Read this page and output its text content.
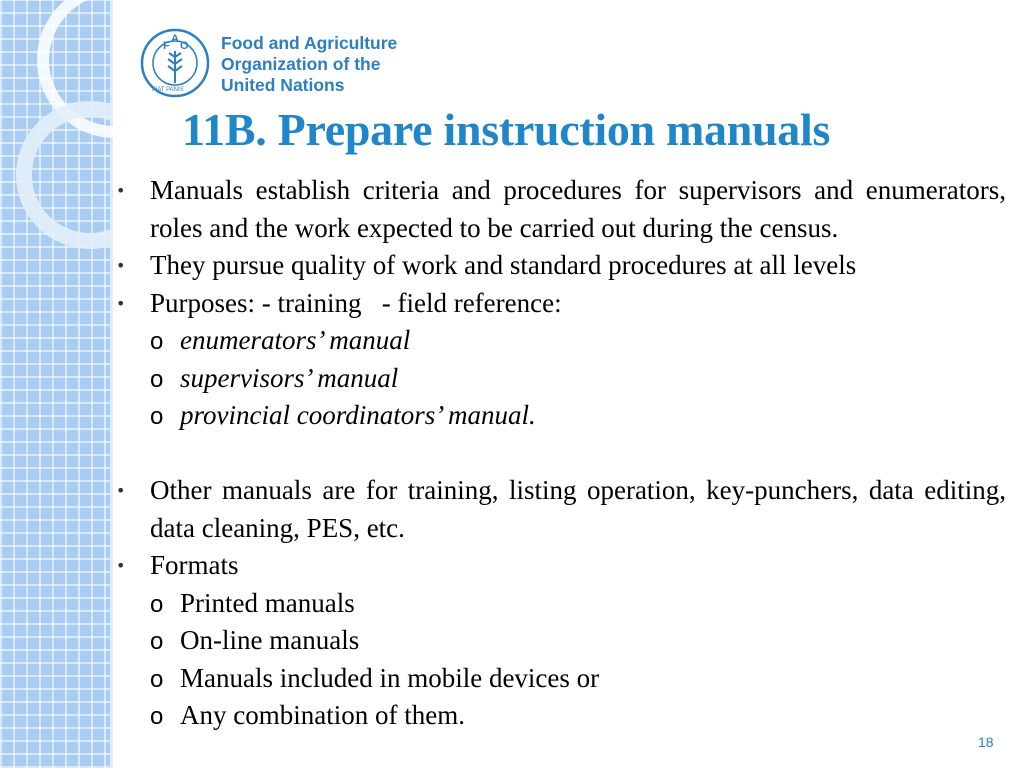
F
A
O
FIAT PANIS
Food and Agriculture
Organization of the
United Nations
11B. Prepare instruction manuals
• Manuals establish criteria and procedures for supervisors and enumerators, roles and the work expected to be carried out during the census.
• They pursue quality of work and standard procedures at all levels
• Purposes: - training   - field reference:
o enumerators’ manual
o supervisors’ manual
o provincial coordinators’ manual.
• Other manuals are for training, listing operation, key-punchers, data editing, data cleaning, PES, etc.
• Formats
o Printed manuals
o On-line manuals
o Manuals included in mobile devices or
o Any combination of them.
18
